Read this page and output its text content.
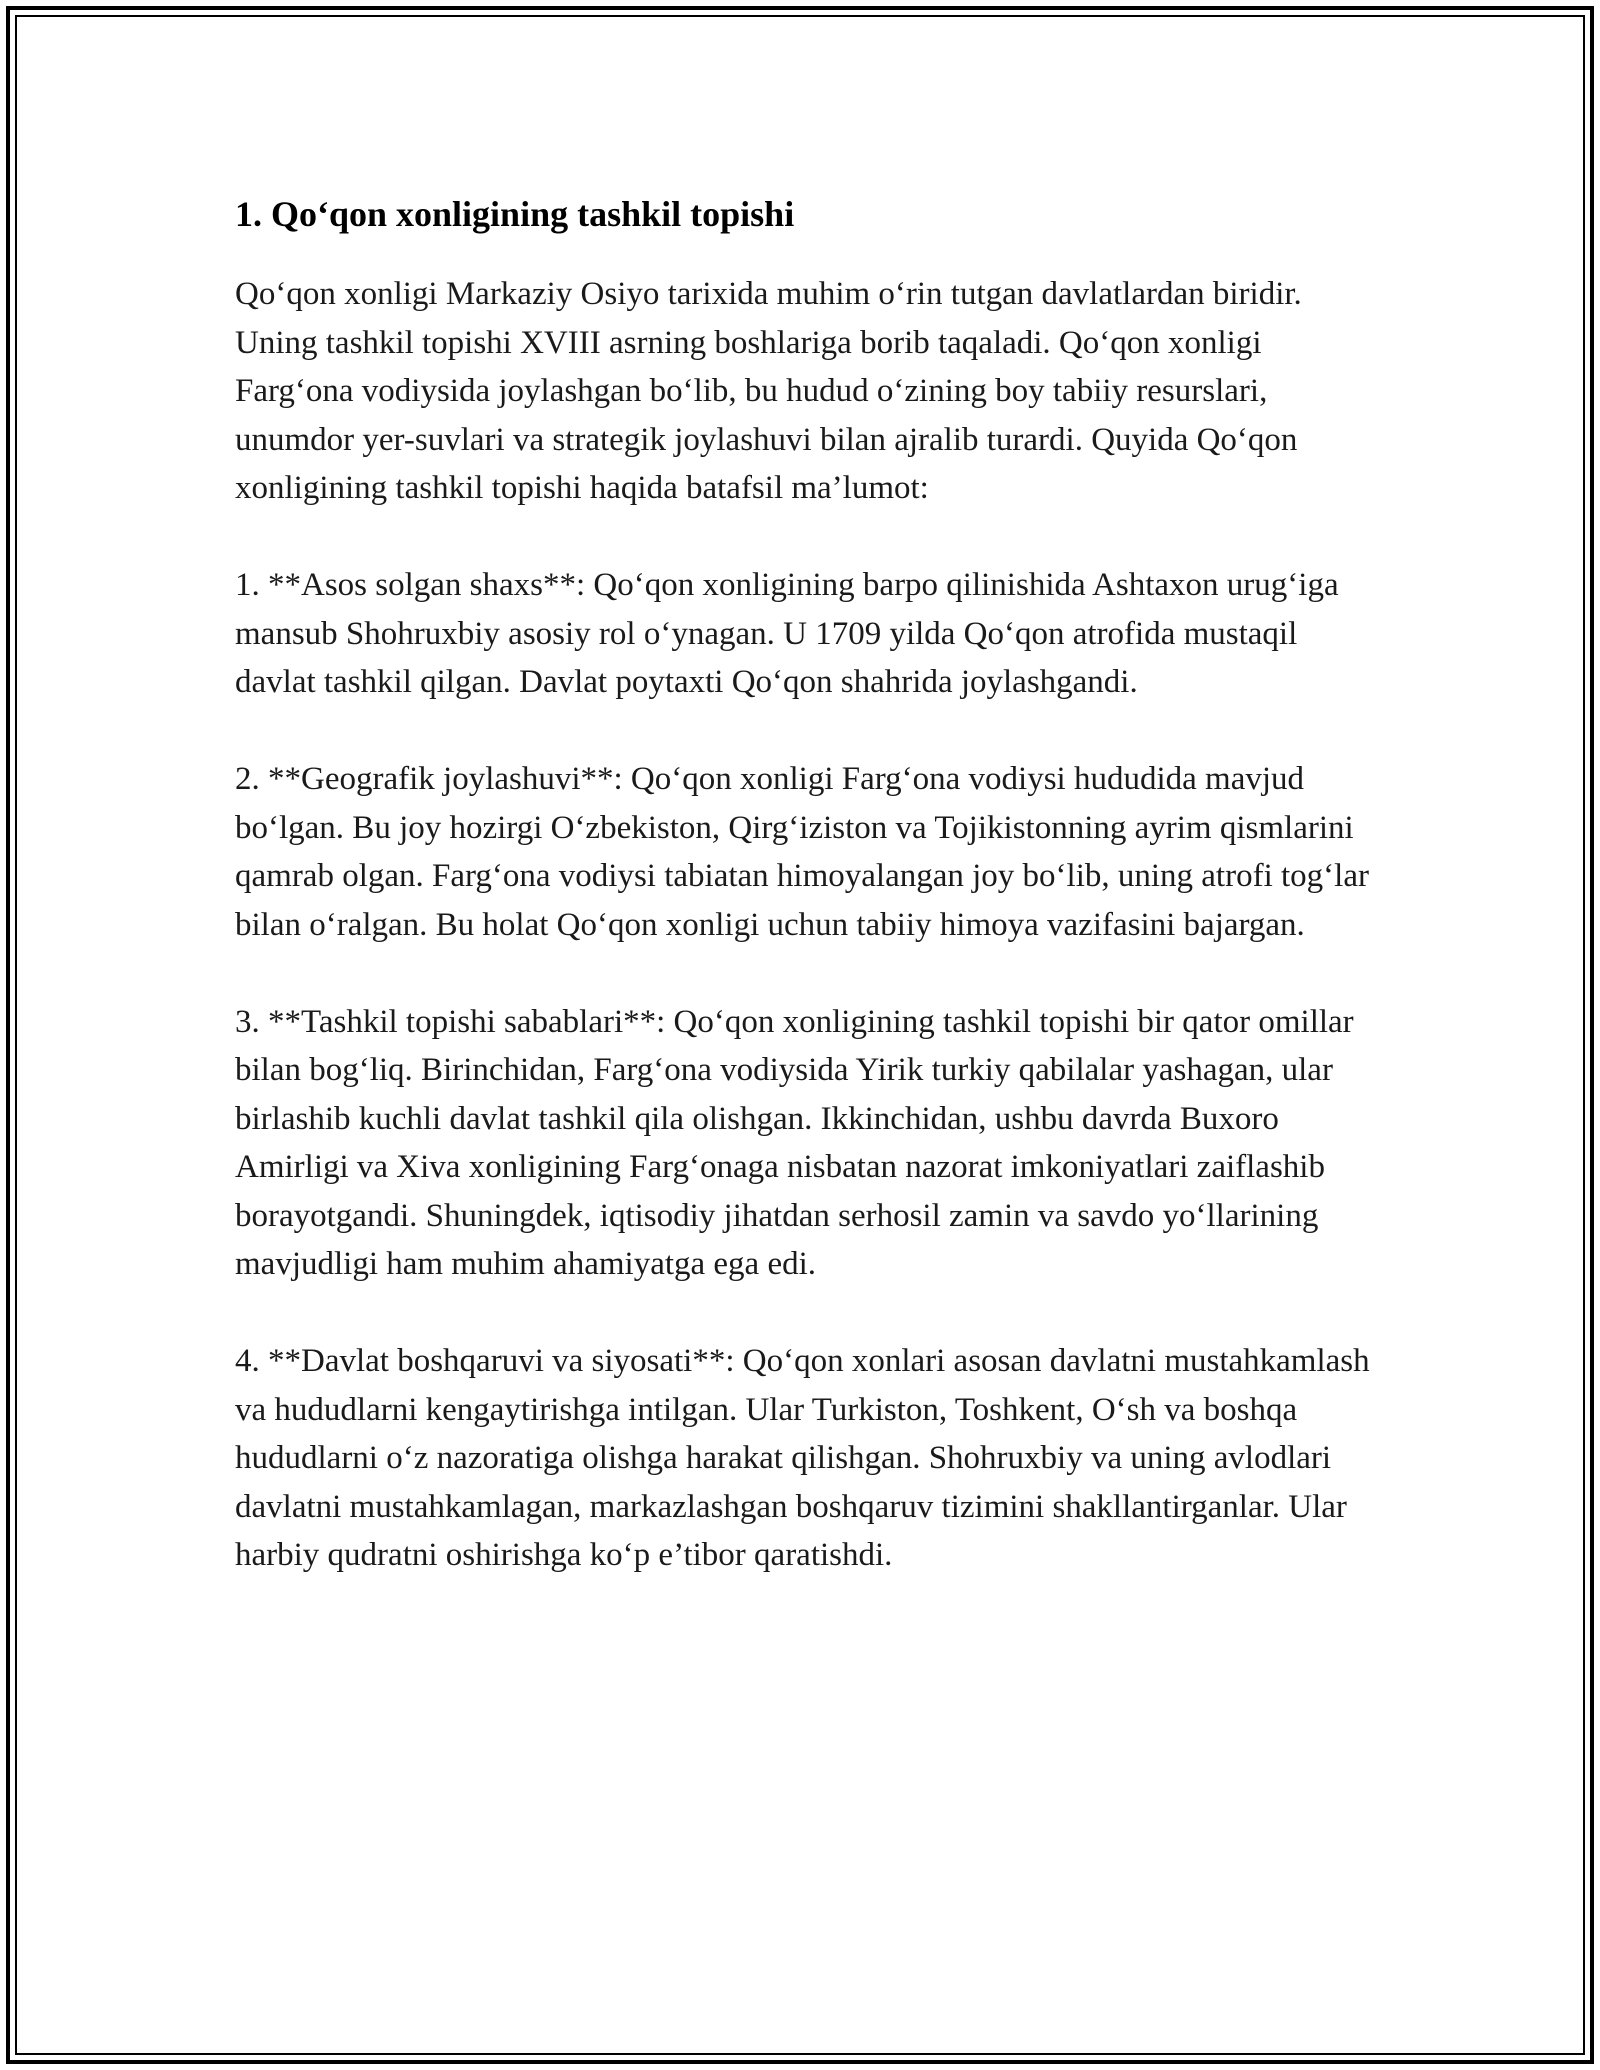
1. Qo‘qon xonligining tashkil topishi

Qo‘qon xonligi Markaziy Osiyo tarixida muhim o‘rin tutgan davlatlardan biridir. Uning tashkil topishi XVIII asrning boshlariga borib taqaladi. Qo‘qon xonligi Farg‘ona vodiysida joylashgan bo‘lib, bu hudud o‘zining boy tabiiy resurslari, unumdor yer-suvlari va strategik joylashuvi bilan ajralib turardi. Quyida Qo‘qon xonligining tashkil topishi haqida batafsil ma’lumot:

1. **Asos solgan shaxs**: Qo‘qon xonligining barpo qilinishida Ashtaxon urug‘iga mansub Shohruxbiy asosiy rol o‘ynagan. U 1709 yilda Qo‘qon atrofida mustaqil davlat tashkil qilgan. Davlat poytaxti Qo‘qon shahrida joylashgandi.

2. **Geografik joylashuvi**: Qo‘qon xonligi Farg‘ona vodiysi hududida mavjud bo‘lgan. Bu joy hozirgi O‘zbekiston, Qirg‘iziston va Tojikistonning ayrim qismlarini qamrab olgan. Farg‘ona vodiysi tabiatan himoyalangan joy bo‘lib, uning atrofi tog‘lar bilan o‘ralgan. Bu holat Qo‘qon xonligi uchun tabiiy himoya vazifasini bajargan.

3. **Tashkil topishi sabablari**: Qo‘qon xonligining tashkil topishi bir qator omillar bilan bog‘liq. Birinchidan, Farg‘ona vodiysida Yirik turkiy qabilalar yashagan, ular birlashib kuchli davlat tashkil qila olishgan. Ikkinchidan, ushbu davrda Buxoro Amirligi va Xiva xonligining Farg‘onaga nisbatan nazorat imkoniyatlari zaiflashib borayotgandi. Shuningdek, iqtisodiy jihatdan serhosil zamin va savdo yo‘llarining mavjudligi ham muhim ahamiyatga ega edi.

4. **Davlat boshqaruvi va siyosati**: Qo‘qon xonlari asosan davlatni mustahkamlash va hududlarni kengaytirishga intilgan. Ular Turkiston, Toshkent, O‘sh va boshqa hududlarni o‘z nazoratiga olishga harakat qilishgan. Shohruxbiy va uning avlodlari davlatni mustahkamlagan, markazlashgan boshqaruv tizimini shakllantirganlar. Ular harbiy qudratni oshirishga ko‘p e’tibor qaratishdi.
